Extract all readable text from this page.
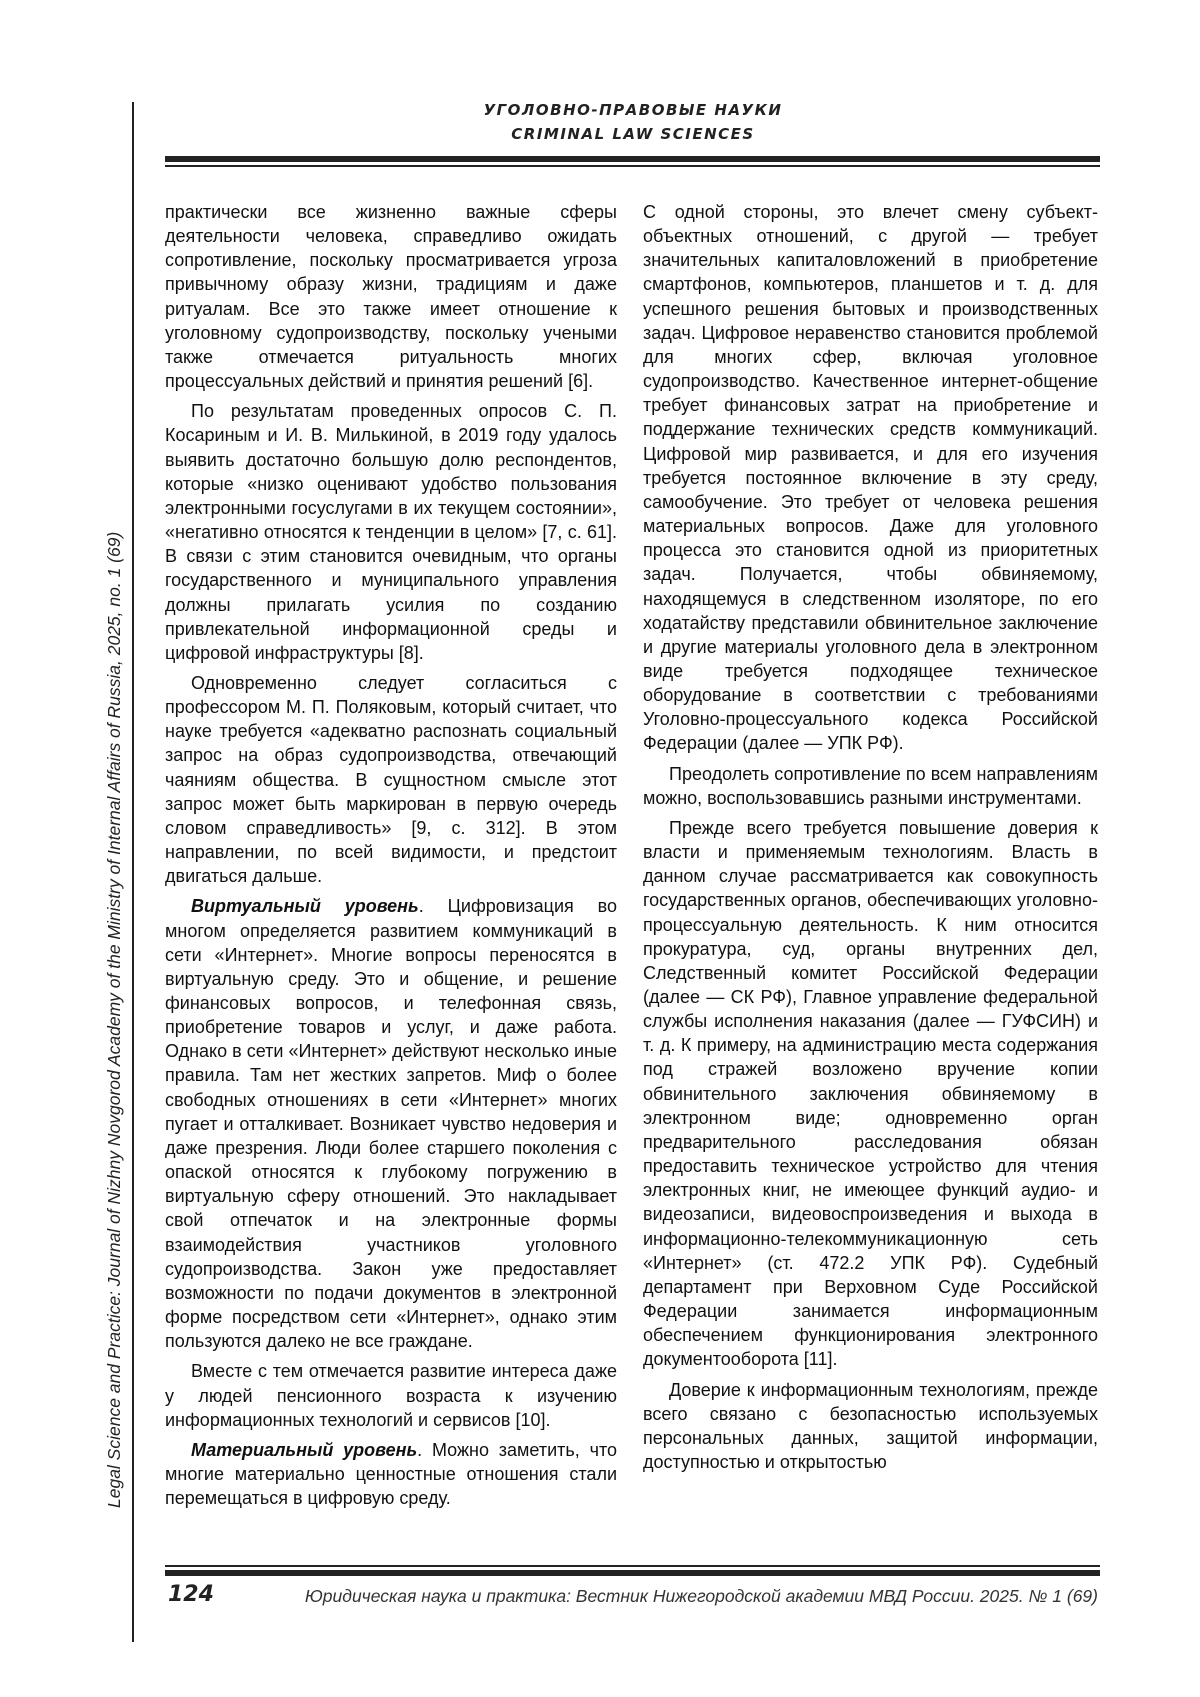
Legal Science and Practice: Journal of Nizhny Novgorod Academy of the Ministry of Internal Affairs of Russia, 2025, no. 1 (69)
УГОЛОВНО-ПРАВОВЫЕ НАУКИ
CRIMINAL LAW SCIENCES

практически все жизненно важные сферы деятельности человека, справедливо ожидать сопротивление, поскольку просматривается угроза привычному образу жизни, традициям и даже ритуалам. Все это также имеет отношение к уголовному судопроизводству, поскольку учеными также отмечается ритуальность многих процессуальных действий и принятия решений [6].

По результатам проведенных опросов С. П. Косариным и И. В. Милькиной, в 2019 году удалось выявить достаточно большую долю респондентов, которые «низко оценивают удобство пользования электронными госуслугами в их текущем состоянии», «негативно относятся к тенденции в целом» [7, с. 61]. В связи с этим становится очевидным, что органы государственного и муниципального управления должны прилагать усилия по созданию привлекательной информационной среды и цифровой инфраструктуры [8].

Одновременно следует согласиться с профессором М. П. Поляковым, который считает, что науке требуется «адекватно распознать социальный запрос на образ судопроизводства, отвечающий чаяниям общества. В сущностном смысле этот запрос может быть маркирован в первую очередь словом справедливость» [9, с. 312]. В этом направлении, по всей видимости, и предстоит двигаться дальше.

Виртуальный уровень. Цифровизация во многом определяется развитием коммуникаций в сети «Интернет». Многие вопросы переносятся в виртуальную среду. Это и общение, и решение финансовых вопросов, и телефонная связь, приобретение товаров и услуг, и даже работа. Однако в сети «Интернет» действуют несколько иные правила. Там нет жестких запретов. Миф о более свободных отношениях в сети «Интернет» многих пугает и отталкивает. Возникает чувство недоверия и даже презрения. Люди более старшего поколения с опаской относятся к глубокому погружению в виртуальную сферу отношений. Это накладывает свой отпечаток и на электронные формы взаимодействия участников уголовного судопроизводства. Закон уже предоставляет возможности по подачи документов в электронной форме посредством сети «Интернет», однако этим пользуются далеко не все граждане.

Вместе с тем отмечается развитие интереса даже у людей пенсионного возраста к изучению информационных технологий и сервисов [10].

Материальный уровень. Можно заметить, что многие материально ценностные отношения стали перемещаться в цифровую среду.

С одной стороны, это влечет смену субъект-объектных отношений, с другой — требует значительных капиталовложений в приобретение смартфонов, компьютеров, планшетов и т. д. для успешного решения бытовых и производственных задач. Цифровое неравенство становится проблемой для многих сфер, включая уголовное судопроизводство. Качественное интернет-общение требует финансовых затрат на приобретение и поддержание технических средств коммуникаций. Цифровой мир развивается, и для его изучения требуется постоянное включение в эту среду, самообучение. Это требует от человека решения материальных вопросов. Даже для уголовного процесса это становится одной из приоритетных задач. Получается, чтобы обвиняемому, находящемуся в следственном изоляторе, по его ходатайству представили обвинительное заключение и другие материалы уголовного дела в электронном виде требуется подходящее техническое оборудование в соответствии с требованиями Уголовно-процессуального кодекса Российской Федерации (далее — УПК РФ).

Преодолеть сопротивление по всем направлениям можно, воспользовавшись разными инструментами.

Прежде всего требуется повышение доверия к власти и применяемым технологиям. Власть в данном случае рассматривается как совокупность государственных органов, обеспечивающих уголовно-процессуальную деятельность. К ним относится прокуратура, суд, органы внутренних дел, Следственный комитет Российской Федерации (далее — СК РФ), Главное управление федеральной службы исполнения наказания (далее — ГУФСИН) и т. д. К примеру, на администрацию места содержания под стражей возложено вручение копии обвинительного заключения обвиняемому в электронном виде; одновременно орган предварительного расследования обязан предоставить техническое устройство для чтения электронных книг, не имеющее функций аудио- и видеозаписи, видеовоспроизведения и выхода в информационно-телекоммуникационную сеть «Интернет» (ст. 472.2 УПК РФ). Судебный департамент при Верховном Суде Российской Федерации занимается информационным обеспечением функционирования электронного документооборота [11].

Доверие к информационным технологиям, прежде всего связано с безопасностью используемых персональных данных, защитой информации, доступностью и открытостью

124	Юридическая наука и практика: Вестник Нижегородской академии МВД России. 2025. № 1 (69)
